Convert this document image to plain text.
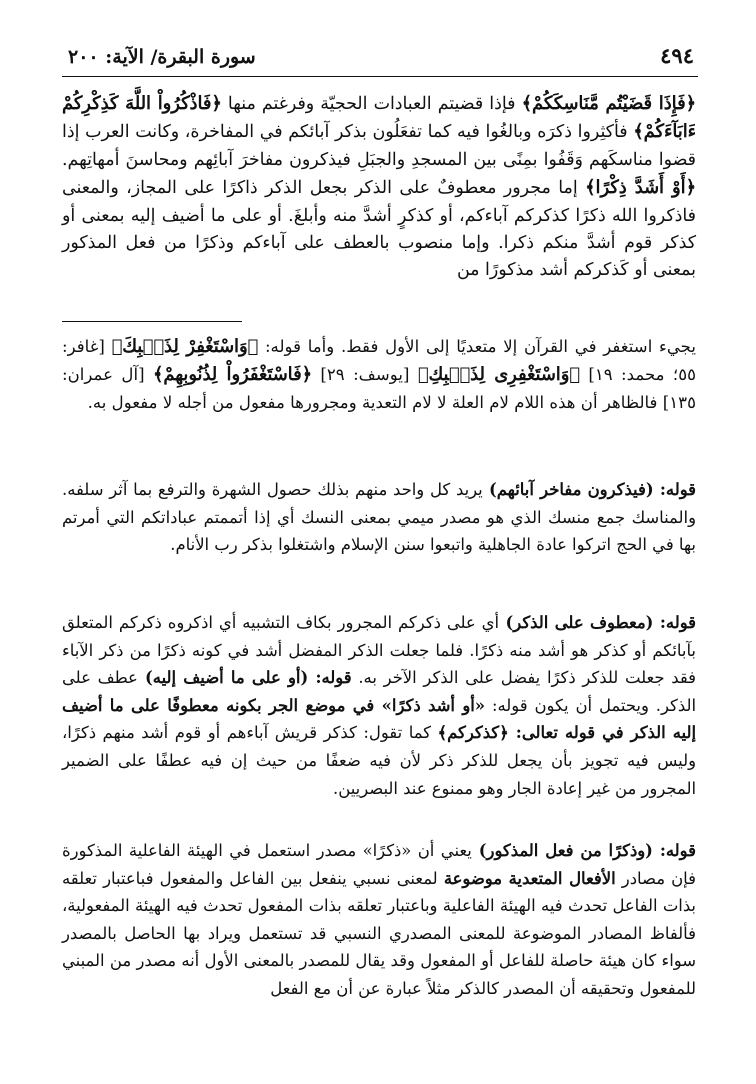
٤٩٤
سورة البقرة/ الآية: ٢٠٠
﴿فَإِذَا قَضَيْتُم مَّنَاسِكَكُمْ﴾ فإذا قضيتم العبادات الحجيّة وفرغتم منها ﴿فَاذْكُرُواْ اللَّهَ كَذِكْرِكُمْ ءَابَآءَكُمْ﴾ فأكثِروا ذكرَه وبالغُوا فيه كما تفعَلُون بذكر آبائكم في المفاخرة، وكانت العرب إذا قضوا مناسكَهم وَقَفُوا بمِنًى بين المسجدِ والجبَلِ فيذكرون مفاخرَ آبائِهم ومحاسنَ أمهاتِهم. ﴿أَوْ أَشَدَّ ذِكْرًا﴾ إما مجرور معطوفٌ على الذكر بجعل الذكر ذاكرًا على المجاز، والمعنى فاذكروا الله ذكرًا كذكركم آباءكم، أو كذكرٍ أشدَّ منه وأبلغَ. أو على ما أضيف إليه بمعنى أو كذكر قوم أشدَّ منكم ذكرا. وإما منصوب بالعطف على آباءكم وذكرًا من فعل المذكور بمعنى أو كَذكركم أشد مذكورًا من
يجيء استغفر في القرآن إلا متعديًا إلى الأول فقط. وأما قوله: ﴿وَاسْتَغْفِرْ لِذَنۢبِكَ﴾ [غافر: ٥٥؛ محمد: ١٩] ﴿وَاسْتَغْفِرِى لِذَنۢبِكِ﴾ [يوسف: ٢٩] ﴿فَاسْتَغْفَرُواْ لِذُنُوبِهِمْ﴾ [آل عمران: ١٣٥] فالظاهر أن هذه اللام لام العلة لا لام التعدية ومجرورها مفعول من أجله لا مفعول به.
قوله: (فيذكرون مفاخر آبائهم) يريد كل واحد منهم بذلك حصول الشهرة والترفع بما آثر سلفه. والمناسك جمع منسك الذي هو مصدر ميمي بمعنى النسك أي إذا أتممتم عباداتكم التي أمرتم بها في الحج اتركوا عادة الجاهلية واتبعوا سنن الإسلام واشتغلوا بذكر رب الأنام.
قوله: (معطوف على الذكر) أي على ذكركم المجرور بكاف التشبيه أي اذكروه ذكركم المتعلق بآبائكم أو كذكر هو أشد منه ذكرًا. فلما جعلت الذكر المفضل أشد في كونه ذكرًا من ذكر الآباء فقد جعلت للذكر ذكرًا يفضل على الذكر الآخر به. قوله: (أو على ما أضيف إليه) عطف على الذكر. ويحتمل أن يكون قوله: «أو أشد ذكرًا» في موضع الجر بكونه معطوفًا على ما أضيف إليه الذكر في قوله تعالى: ﴿كذكركم﴾ كما تقول: كذكر قريش آباءهم أو قوم أشد منهم ذكرًا، وليس فيه تجويز بأن يجعل للذكر ذكر لأن فيه ضعفًا من حيث إن فيه عطفًا على الضمير المجرور من غير إعادة الجار وهو ممنوع عند البصريين.
قوله: (وذكرًا من فعل المذكور) يعني أن «ذكرًا» مصدر استعمل في الهيئة الفاعلية المذكورة فإن مصادر الأفعال المتعدية موضوعة لمعنى نسبي ينفعل بين الفاعل والمفعول فباعتبار تعلقه بذات الفاعل تحدث فيه الهيئة الفاعلية وباعتبار تعلقه بذات المفعول تحدث فيه الهيئة المفعولية، فألفاظ المصادر الموضوعة للمعنى المصدري النسبي قد تستعمل ويراد بها الحاصل بالمصدر سواء كان هيئة حاصلة للفاعل أو المفعول وقد يقال للمصدر بالمعنى الأول أنه مصدر من المبني للمفعول وتحقيقه أن المصدر كالذكر مثلاً عبارة عن أن مع الفعل
